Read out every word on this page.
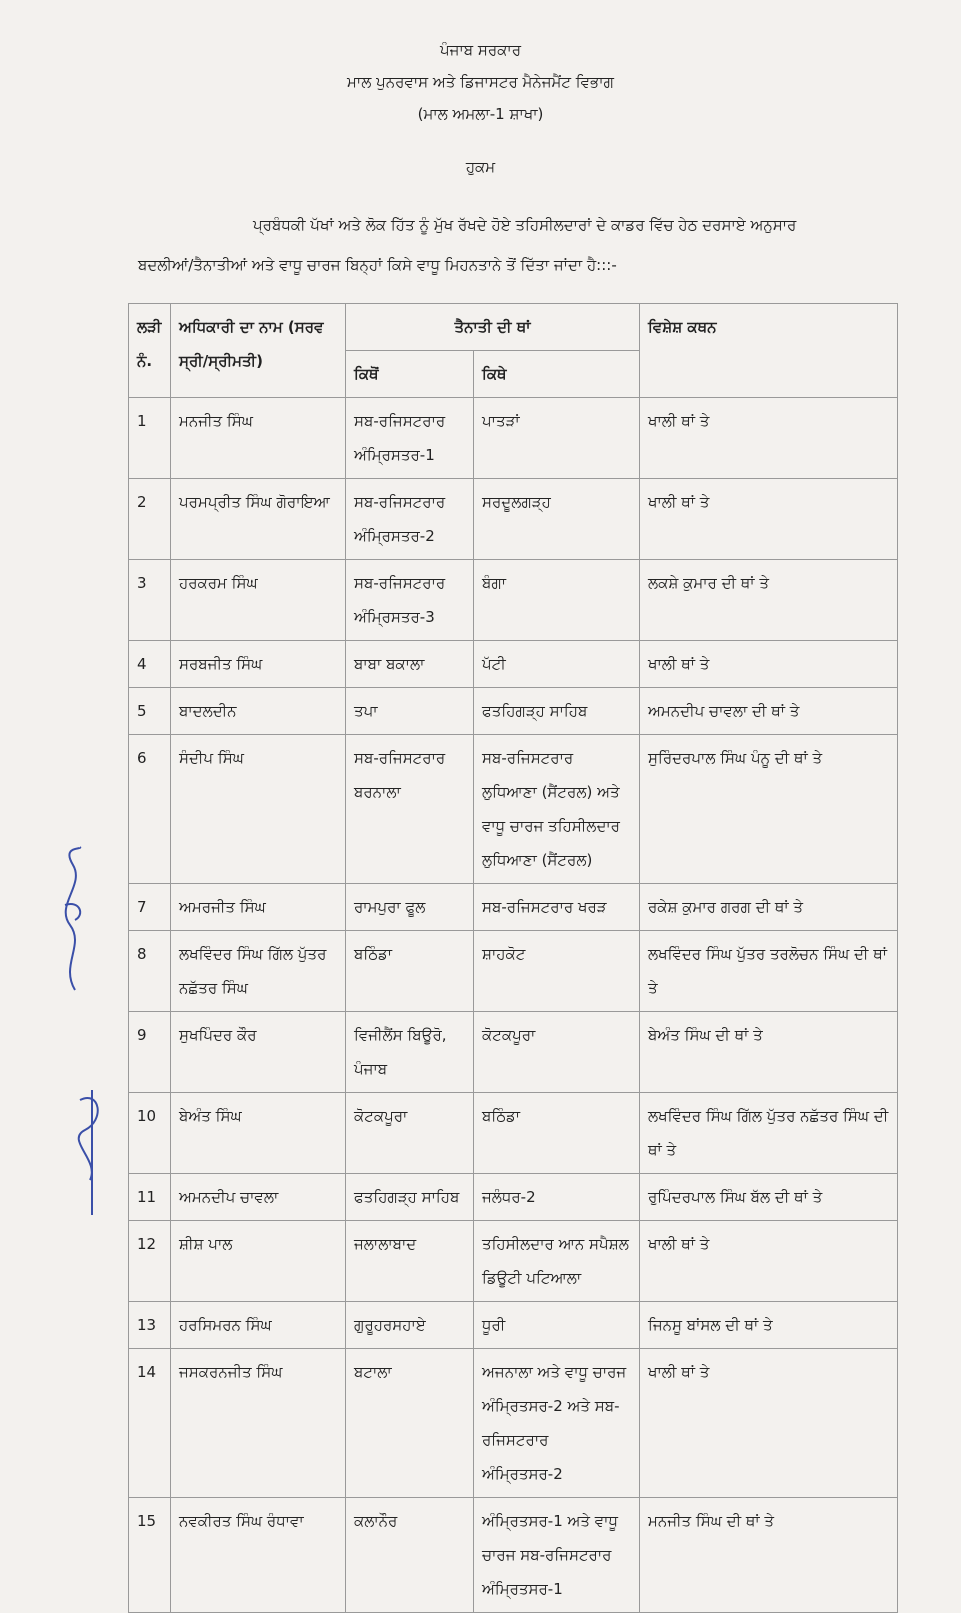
ਪੰਜਾਬ ਸਰਕਾਰ
ਮਾਲ ਪੁਨਰਵਾਸ ਅਤੇ ਡਿਜਾਸਟਰ ਮੈਨੇਜਮੈਂਟ ਵਿਭਾਗ
(ਮਾਲ ਅਮਲਾ-1 ਸ਼ਾਖਾ)
ਹੁਕਮ
ਪ੍ਰਬੰਧਕੀ ਪੱਖਾਂ ਅਤੇ ਲੋਕ ਹਿੱਤ ਨੂੰ ਮੁੱਖ ਰੱਖਦੇ ਹੋਏ ਤਹਿਸੀਲਦਾਰਾਂ ਦੇ ਕਾਡਰ ਵਿੱਚ ਹੇਠ ਦਰਸਾਏ ਅਨੁਸਾਰ
ਬਦਲੀਆਂ/ਤੈਨਾਤੀਆਂ ਅਤੇ ਵਾਧੂ ਚਾਰਜ ਬਿਨ੍ਹਾਂ ਕਿਸੇ ਵਾਧੂ ਮਿਹਨਤਾਨੇ ਤੋਂ ਦਿੱਤਾ ਜਾਂਦਾ ਹੈ:::-
ਲੜੀ ਨੰ.	ਅਧਿਕਾਰੀ ਦਾ ਨਾਮ (ਸਰਵ ਸ੍ਰੀ/ਸ੍ਰੀਮਤੀ)	ਤੈਨਾਤੀ ਦੀ ਥਾਂ		ਵਿਸ਼ੇਸ਼ ਕਥਨ
		ਕਿਥੋਂ	ਕਿਥੇ	
1	ਮਨਜੀਤ ਸਿੰਘ	ਸਬ-ਰਜਿਸਟਰਾਰ ਅੰਮ੍ਰਿਸਤਰ-1	ਪਾਤੜਾਂ	ਖਾਲੀ ਥਾਂ ਤੇ
2	ਪਰਮਪ੍ਰੀਤ ਸਿੰਘ ਗੋਰਾਇਆ	ਸਬ-ਰਜਿਸਟਰਾਰ ਅੰਮ੍ਰਿਸਤਰ-2	ਸਰਦੂਲਗੜ੍ਹ	ਖਾਲੀ ਥਾਂ ਤੇ
3	ਹਰਕਰਮ ਸਿੰਘ	ਸਬ-ਰਜਿਸਟਰਾਰ ਅੰਮ੍ਰਿਸਤਰ-3	ਬੰਗਾ	ਲਕਸ਼ੇ ਕੁਮਾਰ ਦੀ ਥਾਂ ਤੇ
4	ਸਰਬਜੀਤ ਸਿੰਘ	ਬਾਬਾ ਬਕਾਲਾ	ਪੱਟੀ	ਖਾਲੀ ਥਾਂ ਤੇ
5	ਬਾਦਲਦੀਨ	ਤਪਾ	ਫਤਹਿਗੜ੍ਹ ਸਾਹਿਬ	ਅਮਨਦੀਪ ਚਾਵਲਾ ਦੀ ਥਾਂ ਤੇ
6	ਸੰਦੀਪ ਸਿੰਘ	ਸਬ-ਰਜਿਸਟਰਾਰ ਬਰਨਾਲਾ	ਸਬ-ਰਜਿਸਟਰਾਰ ਲੁਧਿਆਣਾ (ਸੈਂਟਰਲ) ਅਤੇ ਵਾਧੂ ਚਾਰਜ ਤਹਿਸੀਲਦਾਰ ਲੁਧਿਆਣਾ (ਸੈਂਟਰਲ)	ਸੁਰਿੰਦਰਪਾਲ ਸਿੰਘ ਪੰਨੂ ਦੀ ਥਾਂ ਤੇ
7	ਅਮਰਜੀਤ ਸਿੰਘ	ਰਾਮਪੁਰਾ ਫੂਲ	ਸਬ-ਰਜਿਸਟਰਾਰ ਖਰੜ	ਰਕੇਸ਼ ਕੁਮਾਰ ਗਰਗ ਦੀ ਥਾਂ ਤੇ
8	ਲਖਵਿੰਦਰ ਸਿੰਘ ਗਿੱਲ ਪੁੱਤਰ ਨਛੱਤਰ ਸਿੰਘ	ਬਠਿੰਡਾ	ਸ਼ਾਹਕੋਟ	ਲਖਵਿੰਦਰ ਸਿੰਘ ਪੁੱਤਰ ਤਰਲੋਚਨ ਸਿੰਘ ਦੀ ਥਾਂ ਤੇ
9	ਸੁਖਪਿੰਦਰ ਕੌਰ	ਵਿਜੀਲੈਂਸ ਬਿਊਰੋ, ਪੰਜਾਬ	ਕੋਟਕਪੂਰਾ	ਬੇਅੰਤ ਸਿੰਘ ਦੀ ਥਾਂ ਤੇ
10	ਬੇਅੰਤ ਸਿੰਘ	ਕੋਟਕਪੂਰਾ	ਬਠਿੰਡਾ	ਲਖਵਿੰਦਰ ਸਿੰਘ ਗਿੱਲ ਪੁੱਤਰ ਨਛੱਤਰ ਸਿੰਘ ਦੀ ਥਾਂ ਤੇ
11	ਅਮਨਦੀਪ ਚਾਵਲਾ	ਫਤਹਿਗੜ੍ਹ ਸਾਹਿਬ	ਜਲੰਧਰ-2	ਰੁਪਿੰਦਰਪਾਲ ਸਿੰਘ ਬੱਲ ਦੀ ਥਾਂ ਤੇ
12	ਸ਼ੀਸ਼ ਪਾਲ	ਜਲਾਲਾਬਾਦ	ਤਹਿਸੀਲਦਾਰ ਆਨ ਸਪੈਸ਼ਲ ਡਿਊਟੀ ਪਟਿਆਲਾ	ਖਾਲੀ ਥਾਂ ਤੇ
13	ਹਰਸਿਮਰਨ ਸਿੰਘ	ਗੁਰੂਹਰਸਹਾਏ	ਧੂਰੀ	ਜਿਨਸੂ ਬਾਂਸਲ ਦੀ ਥਾਂ ਤੇ
14	ਜਸਕਰਨਜੀਤ ਸਿੰਘ	ਬਟਾਲਾ	ਅਜਨਾਲਾ ਅਤੇ ਵਾਧੂ ਚਾਰਜ ਅੰਮ੍ਰਿਤਸਰ-2 ਅਤੇ ਸਬ-ਰਜਿਸਟਰਾਰ ਅੰਮ੍ਰਿਤਸਰ-2	ਖਾਲੀ ਥਾਂ ਤੇ
15	ਨਵਕੀਰਤ ਸਿੰਘ ਰੰਧਾਵਾ	ਕਲਾਨੌਰ	ਅੰਮ੍ਰਿਤਸਰ-1 ਅਤੇ ਵਾਧੂ ਚਾਰਜ ਸਬ-ਰਜਿਸਟਰਾਰ ਅੰਮ੍ਰਿਤਸਰ-1	ਮਨਜੀਤ ਸਿੰਘ ਦੀ ਥਾਂ ਤੇ
